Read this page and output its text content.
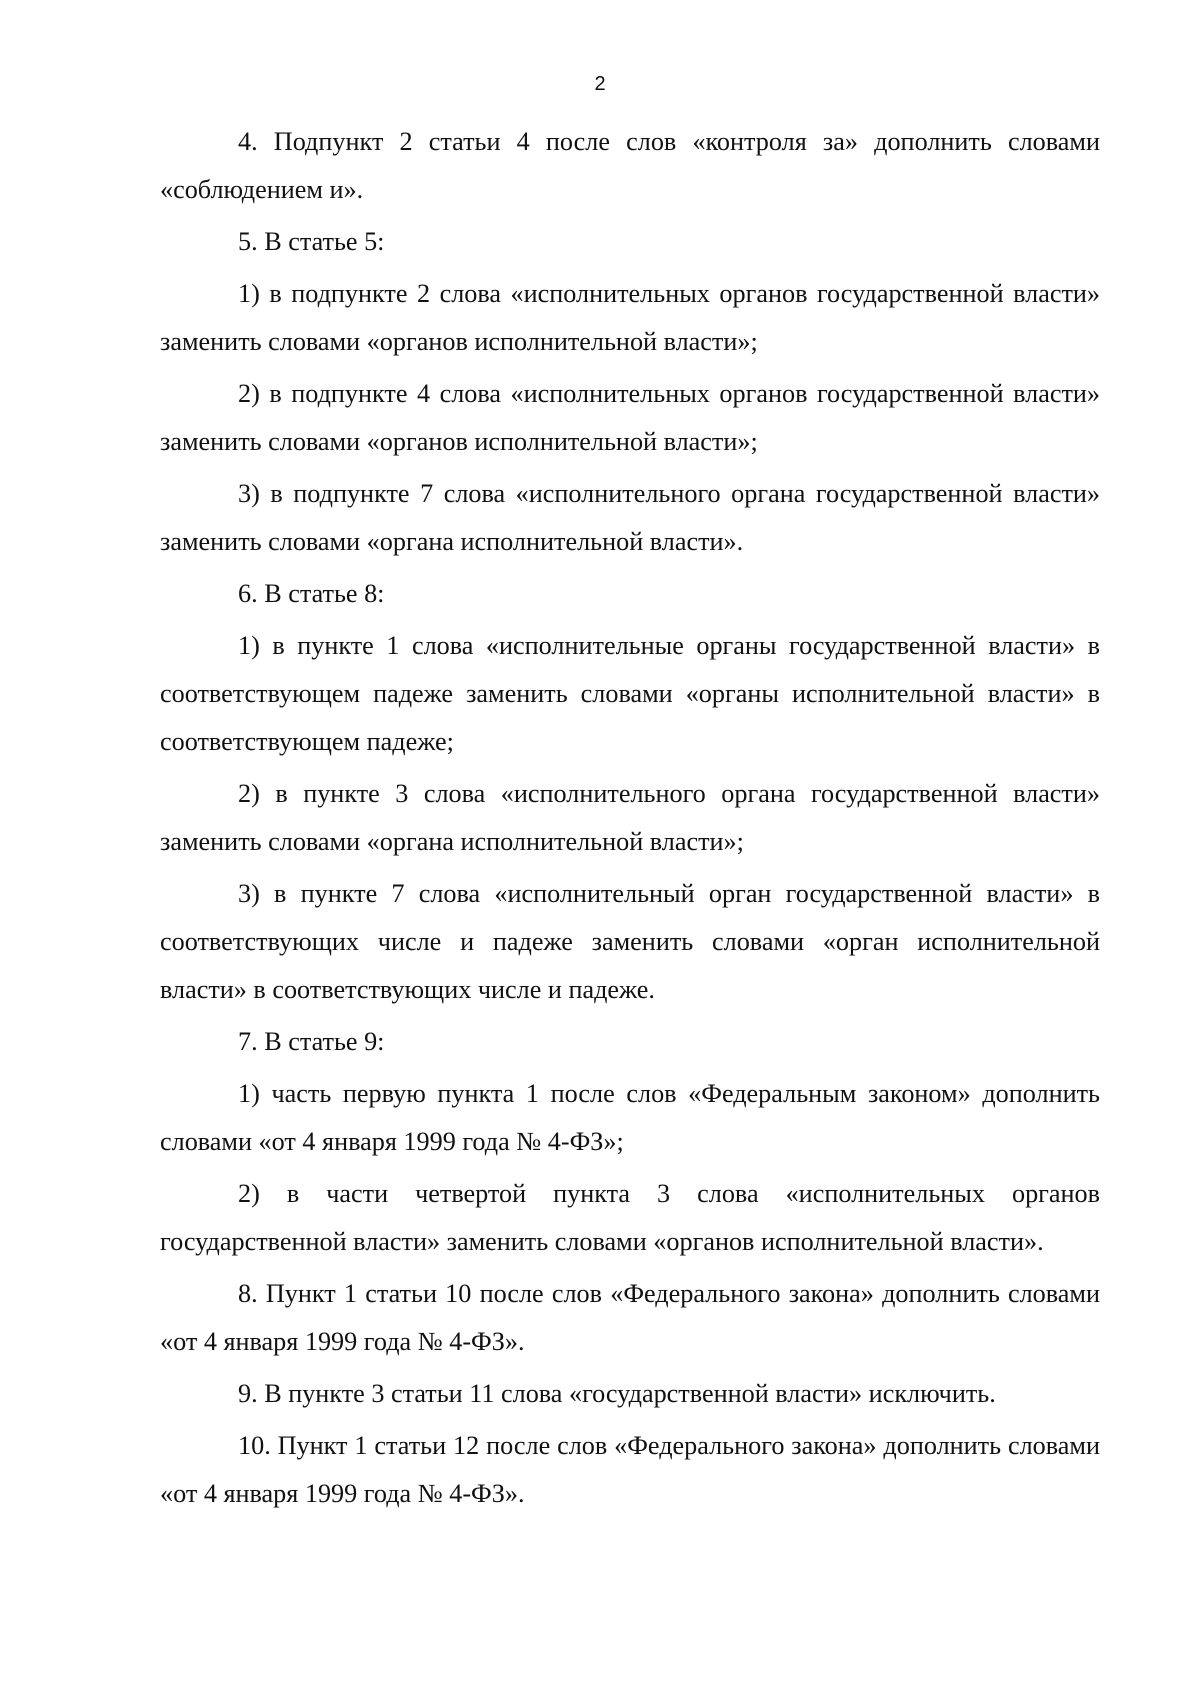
2

4. Подпункт 2 статьи 4 после слов «контроля за» дополнить словами «соблюдением и».

5. В статье 5:

1) в подпункте 2 слова «исполнительных органов государственной власти» заменить словами «органов исполнительной власти»;

2) в подпункте 4 слова «исполнительных органов государственной власти» заменить словами «органов исполнительной власти»;

3) в подпункте 7 слова «исполнительного органа государственной власти» заменить словами «органа исполнительной власти».

6. В статье 8:

1) в пункте 1 слова «исполнительные органы государственной власти» в соответствующем падеже заменить словами «органы исполнительной власти» в соответствующем падеже;

2) в пункте 3 слова «исполнительного органа государственной власти» заменить словами «органа исполнительной власти»;

3) в пункте 7 слова «исполнительный орган государственной власти» в соответствующих числе и падеже заменить словами «орган исполнительной власти» в соответствующих числе и падеже.

7. В статье 9:

1) часть первую пункта 1 после слов «Федеральным законом» дополнить словами «от 4 января 1999 года № 4-ФЗ»;

2) в части четвертой пункта 3 слова «исполнительных органов государственной власти» заменить словами «органов исполнительной власти».

8. Пункт 1 статьи 10 после слов «Федерального закона» дополнить словами «от 4 января 1999 года № 4-ФЗ».

9. В пункте 3 статьи 11 слова «государственной власти» исключить.

10. Пункт 1 статьи 12 после слов «Федерального закона» дополнить словами «от 4 января 1999 года № 4-ФЗ».
